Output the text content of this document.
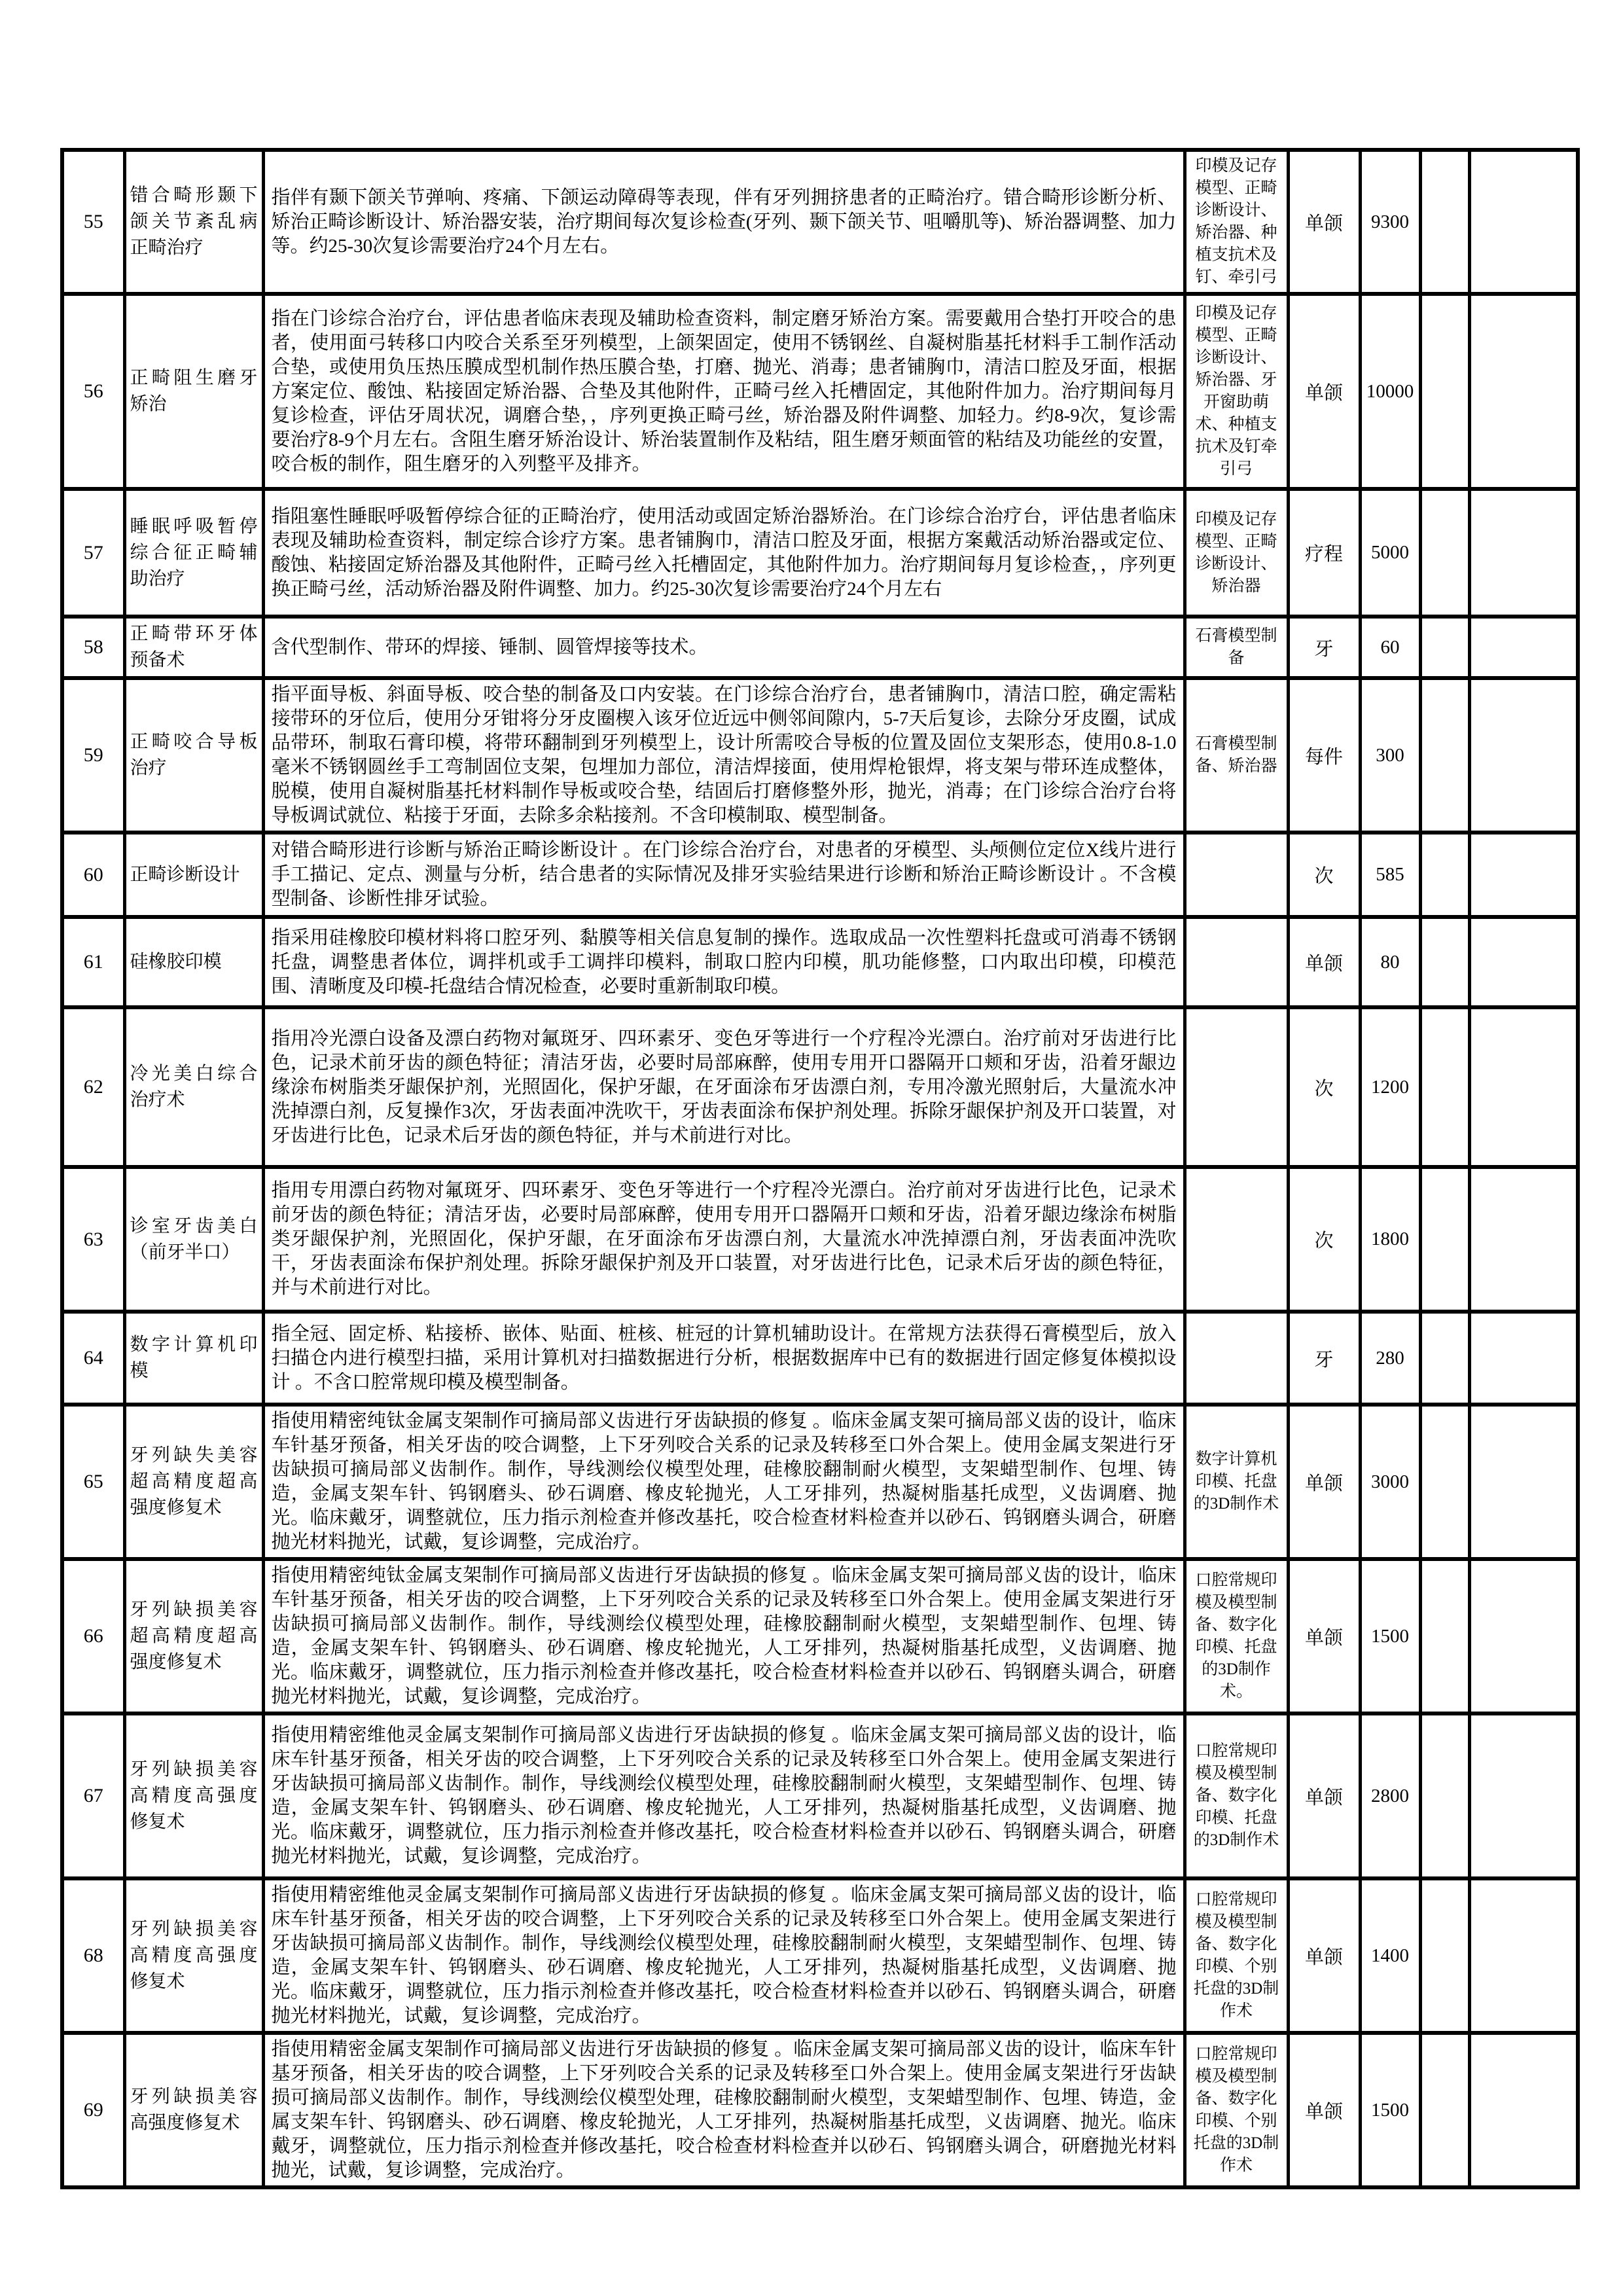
55	错合畸形颞下颌关节紊乱病正畸治疗	指伴有颞下颌关节弹响、疼痛、下颌运动障碍等表现，伴有牙列拥挤患者的正畸治疗。错合畸形诊断分析、矫治正畸诊断设计、矫治器安装，治疗期间每次复诊检查(牙列、颞下颌关节、咀嚼肌等)、矫治器调整、加力等。约25-30次复诊需要治疗24个月左右。	印模及记存模型、正畸诊断设计、矫治器、种植支抗术及钉、牵引弓	单颌	9300		
56	正畸阻生磨牙矫治	指在门诊综合治疗台，评估患者临床表现及辅助检查资料，制定磨牙矫治方案。需要戴用合垫打开咬合的患者，使用面弓转移口内咬合关系至牙列模型，上颌架固定，使用不锈钢丝、自凝树脂基托材料手工制作活动合垫，或使用负压热压膜成型机制作热压膜合垫，打磨、抛光、消毒；患者铺胸巾，清洁口腔及牙面，根据方案定位、酸蚀、粘接固定矫治器、合垫及其他附件，正畸弓丝入托槽固定，其他附件加力。治疗期间每月复诊检查，评估牙周状况，调磨合垫，，序列更换正畸弓丝，矫治器及附件调整、加轻力。约8-9次，复诊需要治疗8-9个月左右。含阻生磨牙矫治设计、矫治装置制作及粘结，阻生磨牙颊面管的粘结及功能丝的安置，咬合板的制作，阻生磨牙的入列整平及排齐。	印模及记存模型、正畸诊断设计、矫治器、牙开窗助萌术、种植支抗术及钉牵引弓	单颌	10000		
57	睡眠呼吸暂停综合征正畸辅助治疗	指阻塞性睡眠呼吸暂停综合征的正畸治疗，使用活动或固定矫治器矫治。在门诊综合治疗台，评估患者临床表现及辅助检查资料，制定综合诊疗方案。患者铺胸巾，清洁口腔及牙面，根据方案戴活动矫治器或定位、酸蚀、粘接固定矫治器及其他附件，正畸弓丝入托槽固定，其他附件加力。治疗期间每月复诊检查，，序列更换正畸弓丝，活动矫治器及附件调整、加力。约25-30次复诊需要治疗24个月左右	印模及记存模型、正畸诊断设计、矫治器	疗程	5000		
58	正畸带环牙体预备术	含代型制作、带环的焊接、锤制、圆管焊接等技术。	石膏模型制备	牙	60		
59	正畸咬合导板治疗	指平面导板、斜面导板、咬合垫的制备及口内安装。在门诊综合治疗台，患者铺胸巾，清洁口腔，确定需粘接带环的牙位后，使用分牙钳将分牙皮圈楔入该牙位近远中侧邻间隙内，5-7天后复诊，去除分牙皮圈，试成品带环，制取石膏印模，将带环翻制到牙列模型上，设计所需咬合导板的位置及固位支架形态，使用0.8-1.0毫米不锈钢圆丝手工弯制固位支架，包埋加力部位，清洁焊接面，使用焊枪银焊，将支架与带环连成整体，脱模，使用自凝树脂基托材料制作导板或咬合垫，结固后打磨修整外形，抛光，消毒；在门诊综合治疗台将导板调试就位、粘接于牙面，去除多余粘接剂。不含印模制取、模型制备。	石膏模型制备、矫治器	每件	300		
60	正畸诊断设计	对错合畸形进行诊断与矫治正畸诊断设计 。在门诊综合治疗台，对患者的牙模型、头颅侧位定位X线片进行手工描记、定点、测量与分析，结合患者的实际情况及排牙实验结果进行诊断和矫治正畸诊断设计 。不含模型制备、诊断性排牙试验。		次	585		
61	硅橡胶印模	指采用硅橡胶印模材料将口腔牙列、黏膜等相关信息复制的操作。选取成品一次性塑料托盘或可消毒不锈钢托盘，调整患者体位，调拌机或手工调拌印模料，制取口腔内印模，肌功能修整，口内取出印模，印模范围、清晰度及印模-托盘结合情况检查，必要时重新制取印模。		单颌	80		
62	冷光美白综合治疗术	指用冷光漂白设备及漂白药物对氟斑牙、四环素牙、变色牙等进行一个疗程冷光漂白。治疗前对牙齿进行比色，记录术前牙齿的颜色特征；清洁牙齿，必要时局部麻醉，使用专用开口器隔开口颊和牙齿，沿着牙龈边缘涂布树脂类牙龈保护剂，光照固化，保护牙龈，在牙面涂布牙齿漂白剂，专用冷激光照射后，大量流水冲洗掉漂白剂，反复操作3次，牙齿表面冲洗吹干，牙齿表面涂布保护剂处理。拆除牙龈保护剂及开口装置，对牙齿进行比色，记录术后牙齿的颜色特征，并与术前进行对比。		次	1200		
63	诊室牙齿美白（前牙半口）	指用专用漂白药物对氟斑牙、四环素牙、变色牙等进行一个疗程冷光漂白。治疗前对牙齿进行比色，记录术前牙齿的颜色特征；清洁牙齿，必要时局部麻醉，使用专用开口器隔开口颊和牙齿，沿着牙龈边缘涂布树脂类牙龈保护剂，光照固化，保护牙龈，在牙面涂布牙齿漂白剂，大量流水冲洗掉漂白剂，牙齿表面冲洗吹干，牙齿表面涂布保护剂处理。拆除牙龈保护剂及开口装置，对牙齿进行比色，记录术后牙齿的颜色特征，并与术前进行对比。		次	1800		
64	数字计算机印模	指全冠、固定桥、粘接桥、嵌体、贴面、桩核、桩冠的计算机辅助设计。在常规方法获得石膏模型后，放入扫描仓内进行模型扫描，采用计算机对扫描数据进行分析，根据数据库中已有的数据进行固定修复体模拟设计 。不含口腔常规印模及模型制备。		牙	280		
65	牙列缺失美容超高精度超高强度修复术	指使用精密纯钛金属支架制作可摘局部义齿进行牙齿缺损的修复 。临床金属支架可摘局部义齿的设计，临床车针基牙预备，相关牙齿的咬合调整，上下牙列咬合关系的记录及转移至口外合架上。使用金属支架进行牙齿缺损可摘局部义齿制作。制作，导线测绘仪模型处理，硅橡胶翻制耐火模型，支架蜡型制作、包埋、铸造，金属支架车针、钨钢磨头、砂石调磨、橡皮轮抛光，人工牙排列，热凝树脂基托成型，义齿调磨、抛光。临床戴牙，调整就位，压力指示剂检查并修改基托，咬合检查材料检查并以砂石、钨钢磨头调合，研磨抛光材料抛光，试戴，复诊调整，完成治疗。	数字计算机印模、托盘的3D制作术	单颌	3000		
66	牙列缺损美容超高精度超高强度修复术	指使用精密纯钛金属支架制作可摘局部义齿进行牙齿缺损的修复 。临床金属支架可摘局部义齿的设计，临床车针基牙预备，相关牙齿的咬合调整，上下牙列咬合关系的记录及转移至口外合架上。使用金属支架进行牙齿缺损可摘局部义齿制作。制作，导线测绘仪模型处理，硅橡胶翻制耐火模型，支架蜡型制作、包埋、铸造，金属支架车针、钨钢磨头、砂石调磨、橡皮轮抛光，人工牙排列，热凝树脂基托成型，义齿调磨、抛光。临床戴牙，调整就位，压力指示剂检查并修改基托，咬合检查材料检查并以砂石、钨钢磨头调合，研磨抛光材料抛光，试戴，复诊调整，完成治疗。	口腔常规印模及模型制备、数字化印模、托盘的3D制作术。	单颌	1500		
67	牙列缺损美容高精度高强度修复术	指使用精密维他灵金属支架制作可摘局部义齿进行牙齿缺损的修复 。临床金属支架可摘局部义齿的设计，临床车针基牙预备，相关牙齿的咬合调整，上下牙列咬合关系的记录及转移至口外合架上。使用金属支架进行牙齿缺损可摘局部义齿制作。制作，导线测绘仪模型处理，硅橡胶翻制耐火模型，支架蜡型制作、包埋、铸造，金属支架车针、钨钢磨头、砂石调磨、橡皮轮抛光，人工牙排列，热凝树脂基托成型，义齿调磨、抛光。临床戴牙，调整就位，压力指示剂检查并修改基托，咬合检查材料检查并以砂石、钨钢磨头调合，研磨抛光材料抛光，试戴，复诊调整，完成治疗。	口腔常规印模及模型制备、数字化印模、托盘的3D制作术	单颌	2800		
68	牙列缺损美容高精度高强度修复术	指使用精密维他灵金属支架制作可摘局部义齿进行牙齿缺损的修复 。临床金属支架可摘局部义齿的设计，临床车针基牙预备，相关牙齿的咬合调整，上下牙列咬合关系的记录及转移至口外合架上。使用金属支架进行牙齿缺损可摘局部义齿制作。制作，导线测绘仪模型处理，硅橡胶翻制耐火模型，支架蜡型制作、包埋、铸造，金属支架车针、钨钢磨头、砂石调磨、橡皮轮抛光，人工牙排列，热凝树脂基托成型，义齿调磨、抛光。临床戴牙，调整就位，压力指示剂检查并修改基托，咬合检查材料检查并以砂石、钨钢磨头调合，研磨抛光材料抛光，试戴，复诊调整，完成治疗。	口腔常规印模及模型制备、数字化印模、个别托盘的3D制作术	单颌	1400		
69	牙列缺损美容高强度修复术	指使用精密金属支架制作可摘局部义齿进行牙齿缺损的修复 。临床金属支架可摘局部义齿的设计，临床车针基牙预备，相关牙齿的咬合调整，上下牙列咬合关系的记录及转移至口外合架上。使用金属支架进行牙齿缺损可摘局部义齿制作。制作，导线测绘仪模型处理，硅橡胶翻制耐火模型，支架蜡型制作、包埋、铸造，金属支架车针、钨钢磨头、砂石调磨、橡皮轮抛光，人工牙排列，热凝树脂基托成型，义齿调磨、抛光。临床戴牙，调整就位，压力指示剂检查并修改基托，咬合检查材料检查并以砂石、钨钢磨头调合，研磨抛光材料抛光，试戴，复诊调整，完成治疗。	口腔常规印模及模型制备、数字化印模、个别托盘的3D制作术	单颌	1500		
